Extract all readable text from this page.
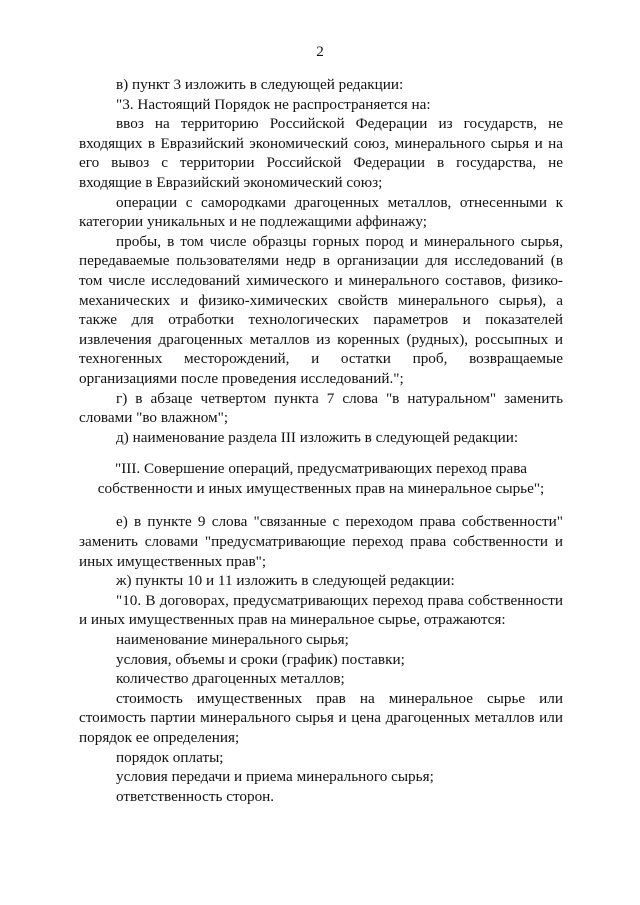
2

в) пункт 3 изложить в следующей редакции:

"3. Настоящий Порядок не распространяется на:

ввоз на территорию Российской Федерации из государств, не входящих в Евразийский экономический союз, минерального сырья и на его вывоз с территории Российской Федерации в государства, не входящие в Евразийский экономический союз;

операции с самородками драгоценных металлов, отнесенными к категории уникальных и не подлежащими аффинажу;

пробы, в том числе образцы горных пород и минерального сырья, передаваемые пользователями недр в организации для исследований (в том числе исследований химического и минерального составов, физико-механических и физико-химических свойств минерального сырья), а также для отработки технологических параметров и показателей извлечения драгоценных металлов из коренных (рудных), россыпных и техногенных месторождений, и остатки проб, возвращаемые организациями после проведения исследований.";

г) в абзаце четвертом пункта 7 слова "в натуральном" заменить словами "во влажном";

д) наименование раздела III изложить в следующей редакции:

"III. Совершение операций, предусматривающих переход права
собственности и иных имущественных прав на минеральное сырье";

е) в пункте 9 слова "связанные с переходом права собственности" заменить словами "предусматривающие переход права собственности и иных имущественных прав";

ж) пункты 10 и 11 изложить в следующей редакции:

"10. В договорах, предусматривающих переход права собственности и иных имущественных прав на минеральное сырье, отражаются:

наименование минерального сырья;

условия, объемы и сроки (график) поставки;

количество драгоценных металлов;

стоимость имущественных прав на минеральное сырье или стоимость партии минерального сырья и цена драгоценных металлов или порядок ее определения;

порядок оплаты;

условия передачи и приема минерального сырья;

ответственность сторон.
